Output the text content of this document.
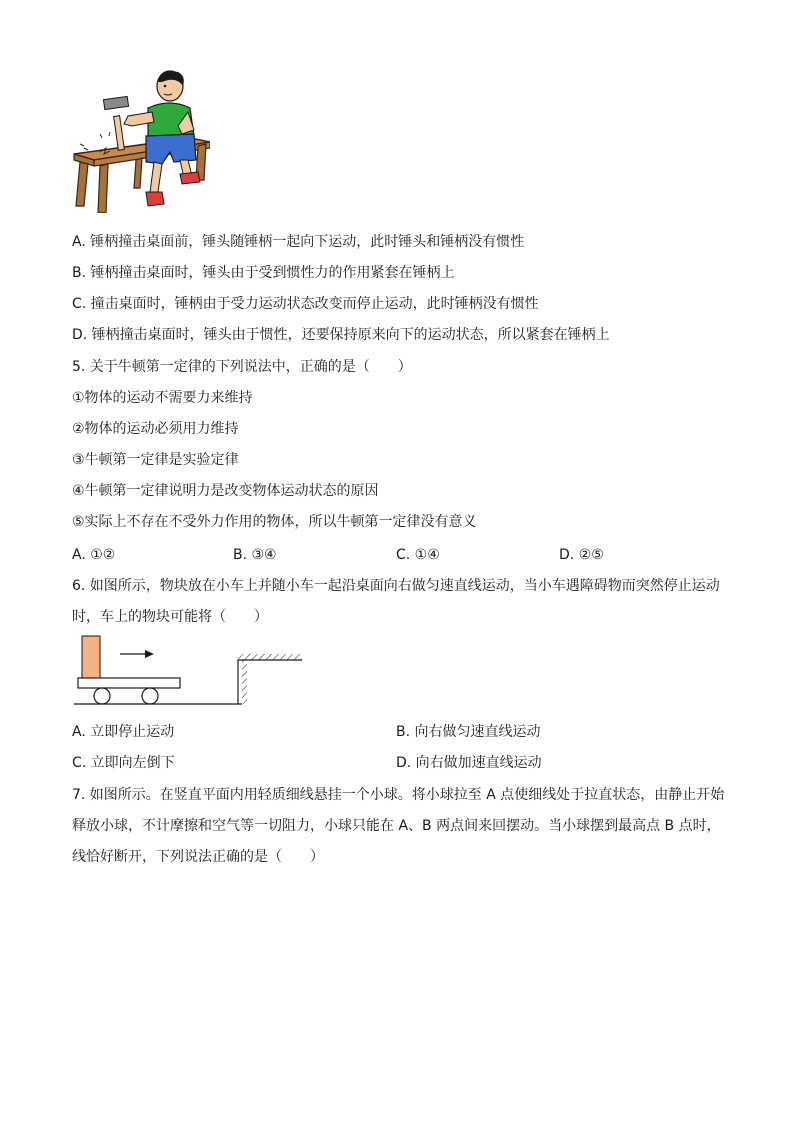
A. 锤柄撞击桌面前，锤头随锤柄一起向下运动，此时锤头和锤柄没有惯性
B. 锤柄撞击桌面时，锤头由于受到惯性力的作用紧套在锤柄上
C. 撞击桌面时，锤柄由于受力运动状态改变而停止运动，此时锤柄没有惯性
D. 锤柄撞击桌面时，锤头由于惯性，还要保持原来向下的运动状态，所以紧套在锤柄上
5. 关于牛顿第一定律的下列说法中，正确的是（　　）
①物体的运动不需要力来维持
②物体的运动必须用力维持
③牛顿第一定律是实验定律
④牛顿第一定律说明力是改变物体运动状态的原因
⑤实际上不存在不受外力作用的物体，所以牛顿第一定律没有意义
A. ①②	B. ③④	C. ①④	D. ②⑤
6. 如图所示，物块放在小车上并随小车一起沿桌面向右做匀速直线运动，当小车遇障碍物而突然停止运动
时，车上的物块可能将（　　）
A. 立即停止运动	B. 向右做匀速直线运动
C. 立即向左倒下	D. 向右做加速直线运动
7. 如图所示。在竖直平面内用轻质细线悬挂一个小球。将小球拉至 A 点使细线处于拉直状态，由静止开始
释放小球，不计摩擦和空气等一切阻力，小球只能在 A、B 两点间来回摆动。当小球摆到最高点 B 点时，
线恰好断开，下列说法正确的是（　　）
